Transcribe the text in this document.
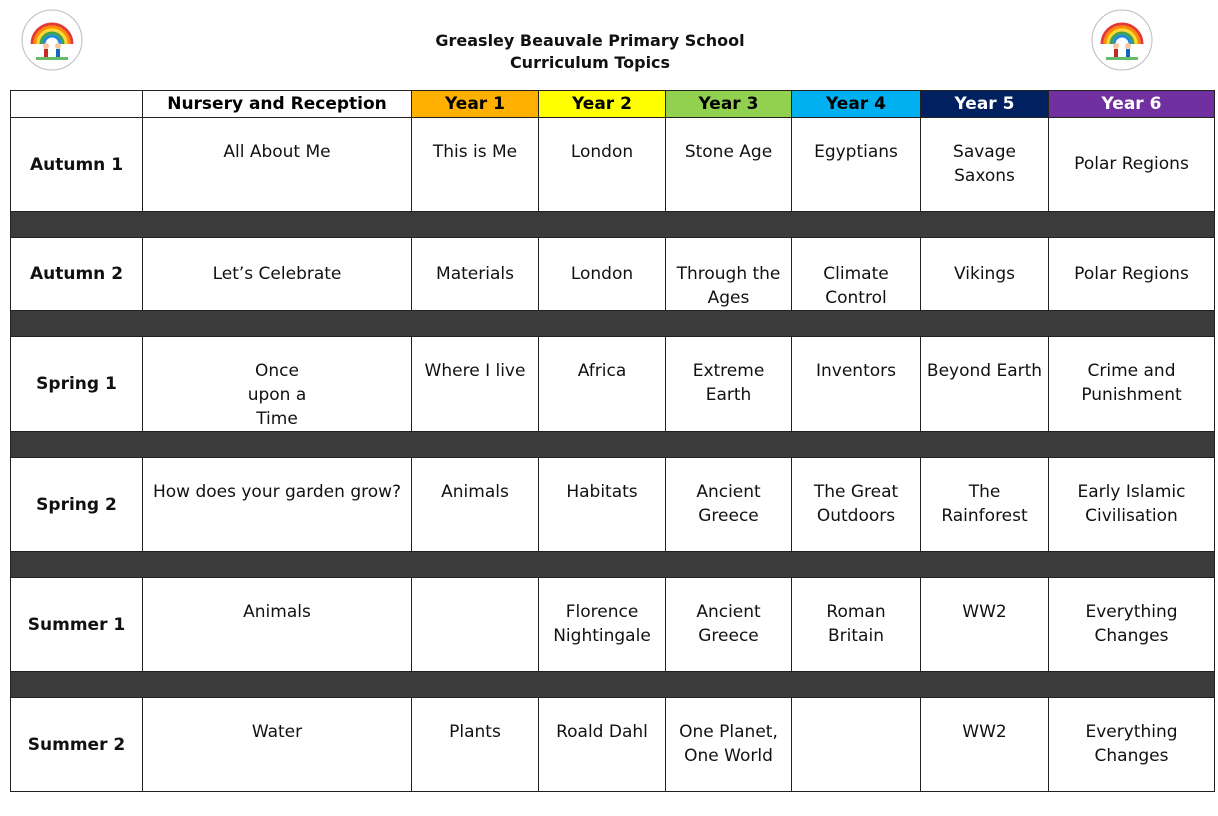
Greasley Beauvale Primary School
Curriculum Topics
	Nursery and Reception	Year 1	Year 2	Year 3	Year 4	Year 5	Year 6
Autumn 1	All About Me	This is Me	London	Stone Age	Egyptians	Savage Saxons	Polar Regions

Autumn 2	Let’s Celebrate	Materials	London	Through the Ages	Climate Control	Vikings	Polar Regions

Spring 1	Once upon a Time	Where I live	Africa	Extreme Earth	Inventors	Beyond Earth	Crime and Punishment

Spring 2	How does your garden grow?	Animals	Habitats	Ancient Greece	The Great Outdoors	The Rainforest	Early Islamic Civilisation

Summer 1	Animals		Florence Nightingale	Ancient Greece	Roman Britain	WW2	Everything Changes

Summer 2	Water	Plants	Roald Dahl	One Planet, One World		WW2	Everything Changes
